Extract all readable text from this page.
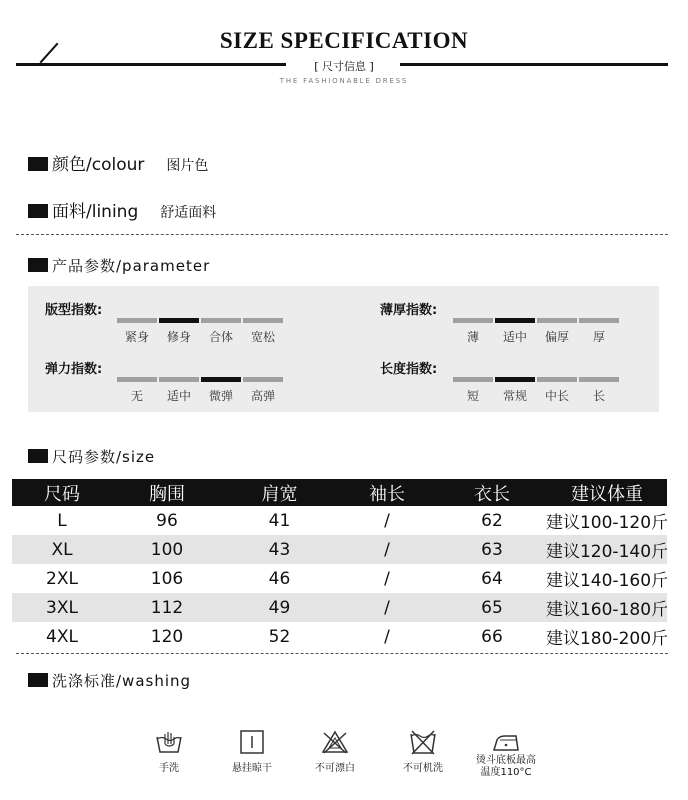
SIZE SPECIFICATION
[ 尺寸信息 ]
THE FASHIONABLE DRESS
颜色/colour 图片色
面料/lining 舒适面料
产品参数/parameter
版型指数:
紧身	修身	合体	宽松
薄厚指数:
薄	适中	偏厚	厚
弹力指数:
无	适中	微弹	高弹
长度指数:
短	常规	中长	长
尺码参数/size
尺码	胸围	肩宽	袖长	衣长	建议体重
L	96	41	/	62	建议100-120斤
XL	100	43	/	63	建议120-140斤
2XL	106	46	/	64	建议140-160斤
3XL	112	49	/	65	建议160-180斤
4XL	120	52	/	66	建议180-200斤
洗涤标准/washing
手洗	悬挂晾干	不可漂白	不可机洗
烫斗底板最高
温度110°C
